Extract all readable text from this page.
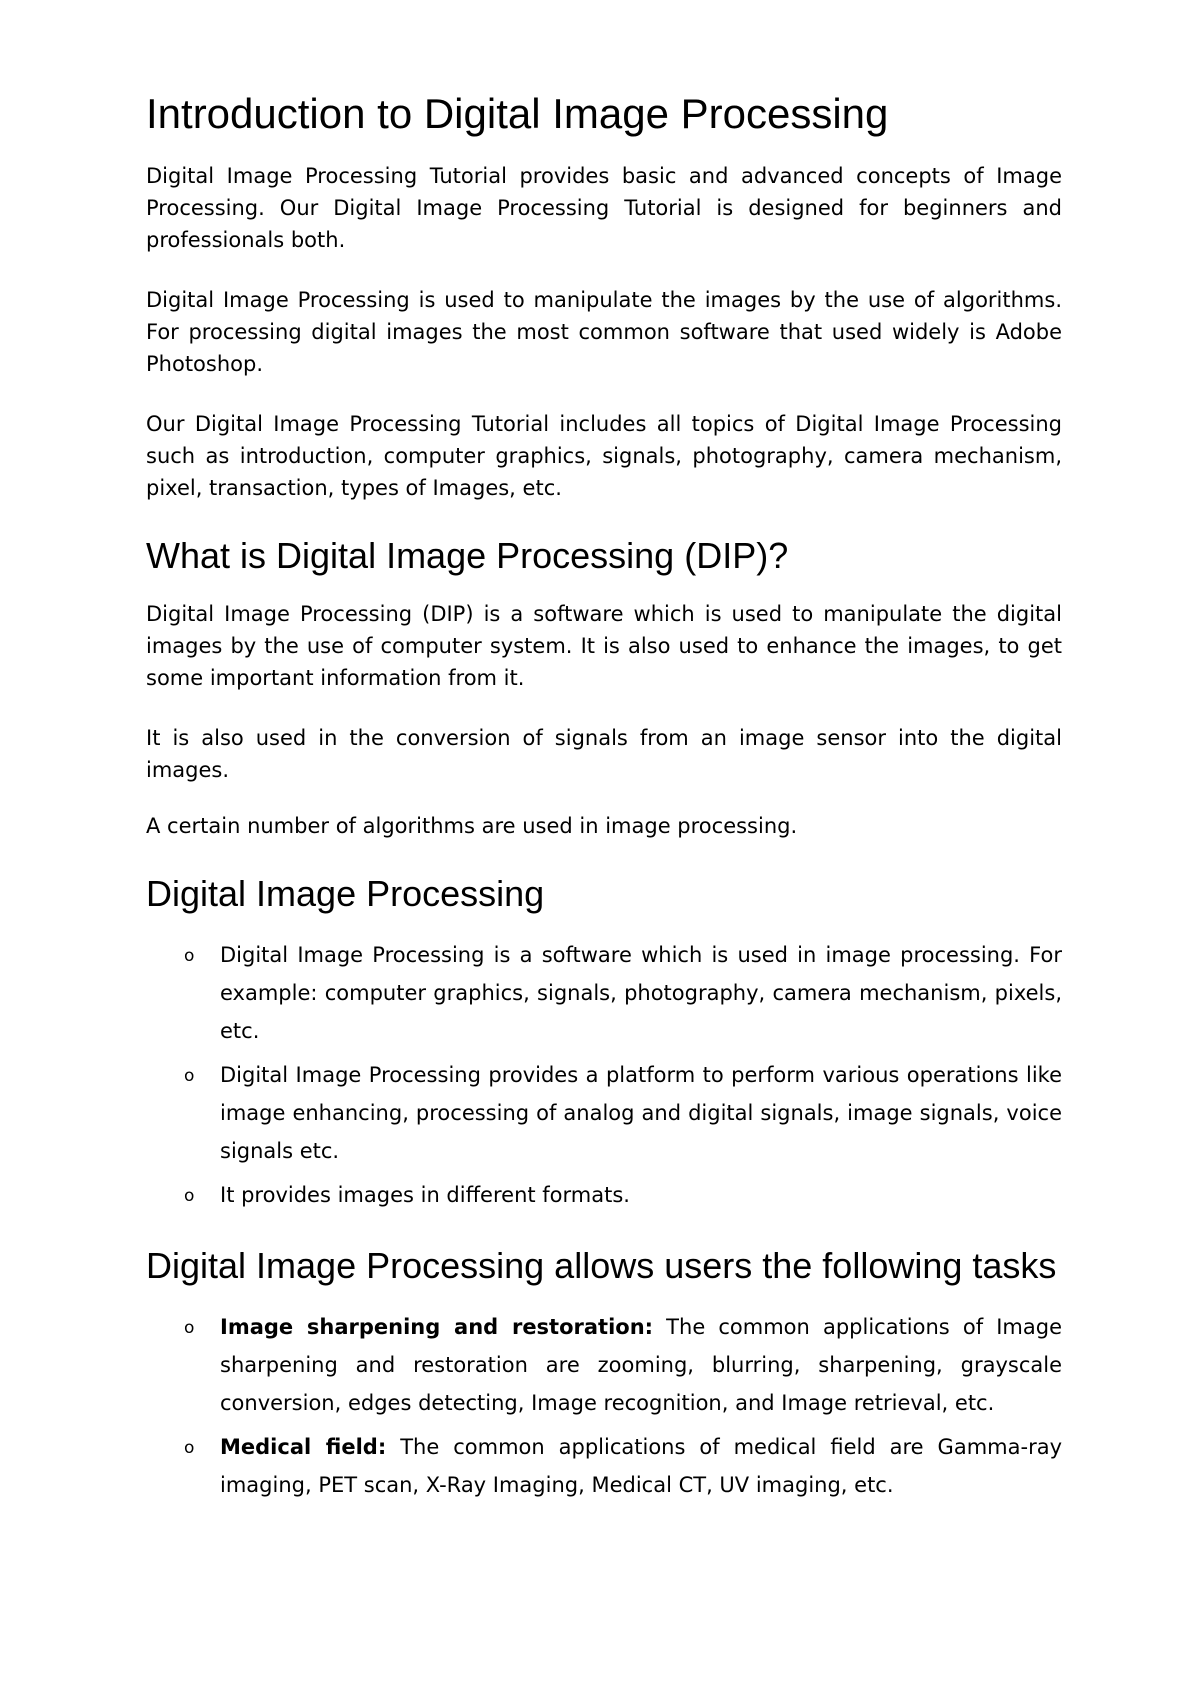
Introduction to Digital Image Processing

Digital Image Processing Tutorial provides basic and advanced concepts of Image Processing. Our Digital Image Processing Tutorial is designed for beginners and professionals both.

Digital Image Processing is used to manipulate the images by the use of algorithms. For processing digital images the most common software that used widely is Adobe Photoshop.

Our Digital Image Processing Tutorial includes all topics of Digital Image Processing such as introduction, computer graphics, signals, photography, camera mechanism, pixel, transaction, types of Images, etc.

What is Digital Image Processing (DIP)?

Digital Image Processing (DIP) is a software which is used to manipulate the digital images by the use of computer system. It is also used to enhance the images, to get some important information from it.

It is also used in the conversion of signals from an image sensor into the digital images.

A certain number of algorithms are used in image processing.

Digital Image Processing
o Digital Image Processing is a software which is used in image processing. For example: computer graphics, signals, photography, camera mechanism, pixels, etc.
o Digital Image Processing provides a platform to perform various operations like image enhancing, processing of analog and digital signals, image signals, voice signals etc.
o It provides images in different formats.
Digital Image Processing allows users the following tasks
o Image sharpening and restoration: The common applications of Image sharpening and restoration are zooming, blurring, sharpening, grayscale conversion, edges detecting, Image recognition, and Image retrieval, etc.
o Medical field: The common applications of medical field are Gamma-ray imaging, PET scan, X-Ray Imaging, Medical CT, UV imaging, etc.
